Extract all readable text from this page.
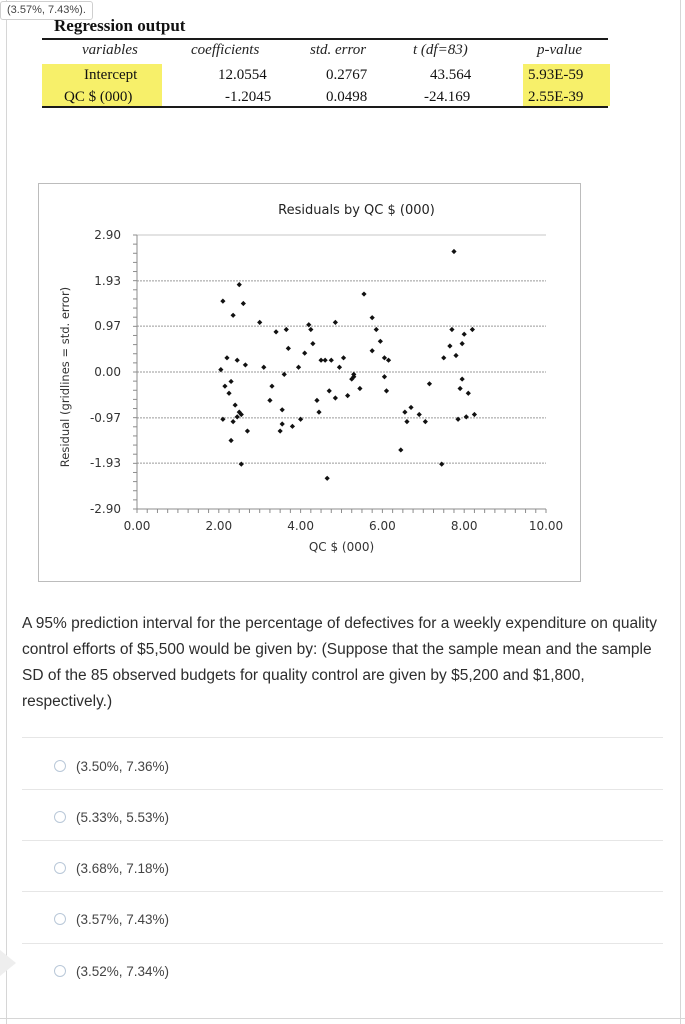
(3.57%, 7.43%).
Regression output
variables	coefficients	std. error	t (df=83)	p-value
Intercept	12.0554	0.2767	43.564	5.93E-59
QC $ (000)	-1.2045	0.0498	-24.169	2.55E-39
Residuals by QC $ (000)
2.90
1.93
0.97
0.00
-0.97
-1.93
-2.90
0.00	2.00	4.00	6.00	8.00	10.00
QC $ (000)
Residual (gridlines = std. error)
A 95% prediction interval for the percentage of defectives for a weekly expenditure on quality control efforts of $5,500 would be given by: (Suppose that the sample mean and the sample SD of the 85 observed budgets for quality control are given by $5,200 and $1,800, respectively.)
(3.50%, 7.36%)
(5.33%, 5.53%)
(3.68%, 7.18%)
(3.57%, 7.43%)
(3.52%, 7.34%)
